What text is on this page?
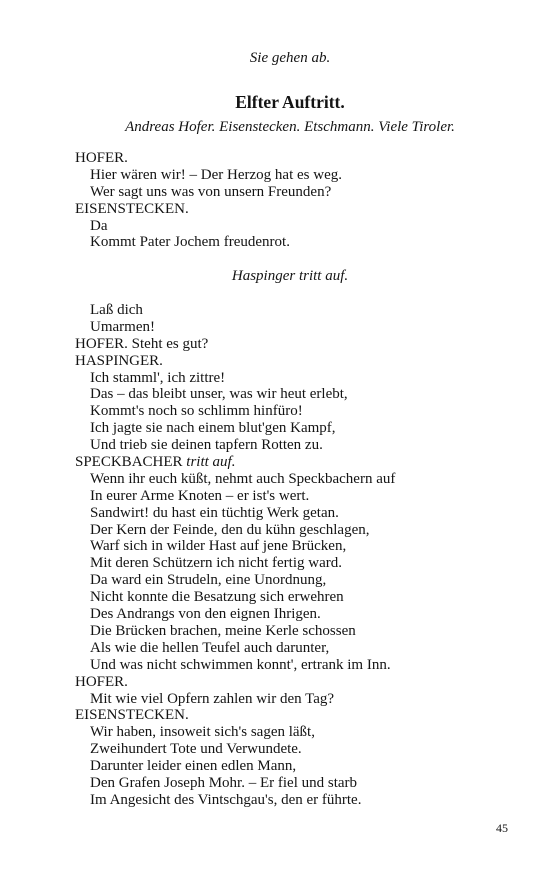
Sie gehen ab.
Elfter Auftritt.
Andreas Hofer. Eisenstecken. Etschmann. Viele Tiroler.
HOFER.
Hier wären wir! – Der Herzog hat es weg.
Wer sagt uns was von unsern Freunden?
EISENSTECKEN.
Da
Kommt Pater Jochem freudenrot.
Haspinger tritt auf.
Laß dich
Umarmen!
HOFER. Steht es gut?
HASPINGER.
Ich stamml', ich zittre!
Das – das bleibt unser, was wir heut erlebt,
Kommt's noch so schlimm hinfüro!
Ich jagte sie nach einem blut'gen Kampf,
Und trieb sie deinen tapfern Rotten zu.
SPECKBACHER tritt auf.
Wenn ihr euch küßt, nehmt auch Speckbachern auf
In eurer Arme Knoten – er ist's wert.
Sandwirt! du hast ein tüchtig Werk getan.
Der Kern der Feinde, den du kühn geschlagen,
Warf sich in wilder Hast auf jene Brücken,
Mit deren Schützern ich nicht fertig ward.
Da ward ein Strudeln, eine Unordnung,
Nicht konnte die Besatzung sich erwehren
Des Andrangs von den eignen Ihrigen.
Die Brücken brachen, meine Kerle schossen
Als wie die hellen Teufel auch darunter,
Und was nicht schwimmen konnt', ertrank im Inn.
HOFER.
Mit wie viel Opfern zahlen wir den Tag?
EISENSTECKEN.
Wir haben, insoweit sich's sagen läßt,
Zweihundert Tote und Verwundete.
Darunter leider einen edlen Mann,
Den Grafen Joseph Mohr. – Er fiel und starb
Im Angesicht des Vintschgau's, den er führte.
45
